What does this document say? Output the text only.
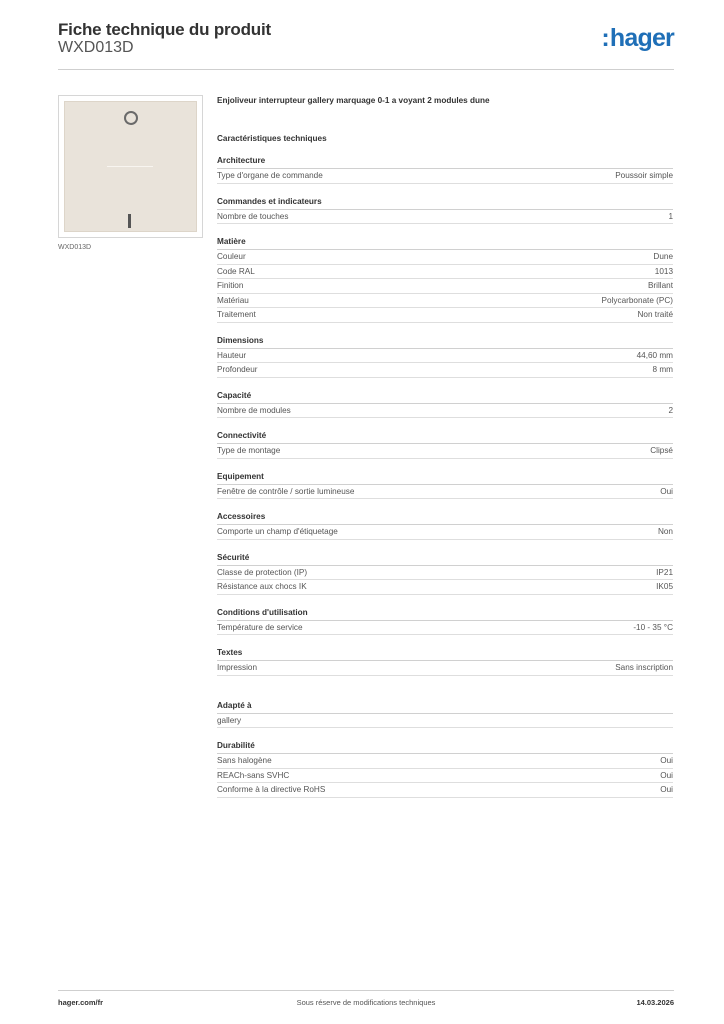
Fiche technique du produit
WXD013D	:hager
WXD013D
Enjoliveur interrupteur gallery marquage 0-1 a voyant 2 modules dune
Caractéristiques techniques
Architecture
Type d'organe de commande	Poussoir simple
Commandes et indicateurs
Nombre de touches	1
Matière
Couleur	Dune
Code RAL	1013
Finition	Brillant
Matériau	Polycarbonate (PC)
Traitement	Non traité
Dimensions
Hauteur	44,60 mm
Profondeur	8 mm
Capacité
Nombre de modules	2
Connectivité
Type de montage	Clipsé
Equipement
Fenêtre de contrôle / sortie lumineuse	Oui
Accessoires
Comporte un champ d'étiquetage	Non
Sécurité
Classe de protection (IP)	IP21
Résistance aux chocs IK	IK05
Conditions d'utilisation
Température de service	-10 - 35 °C
Textes
Impression	Sans inscription
Adapté à
gallery
Durabilité
Sans halogène	Oui
REACh-sans SVHC	Oui
Conforme à la directive RoHS	Oui
hager.com/fr	Sous réserve de modifications techniques	14.03.2026
